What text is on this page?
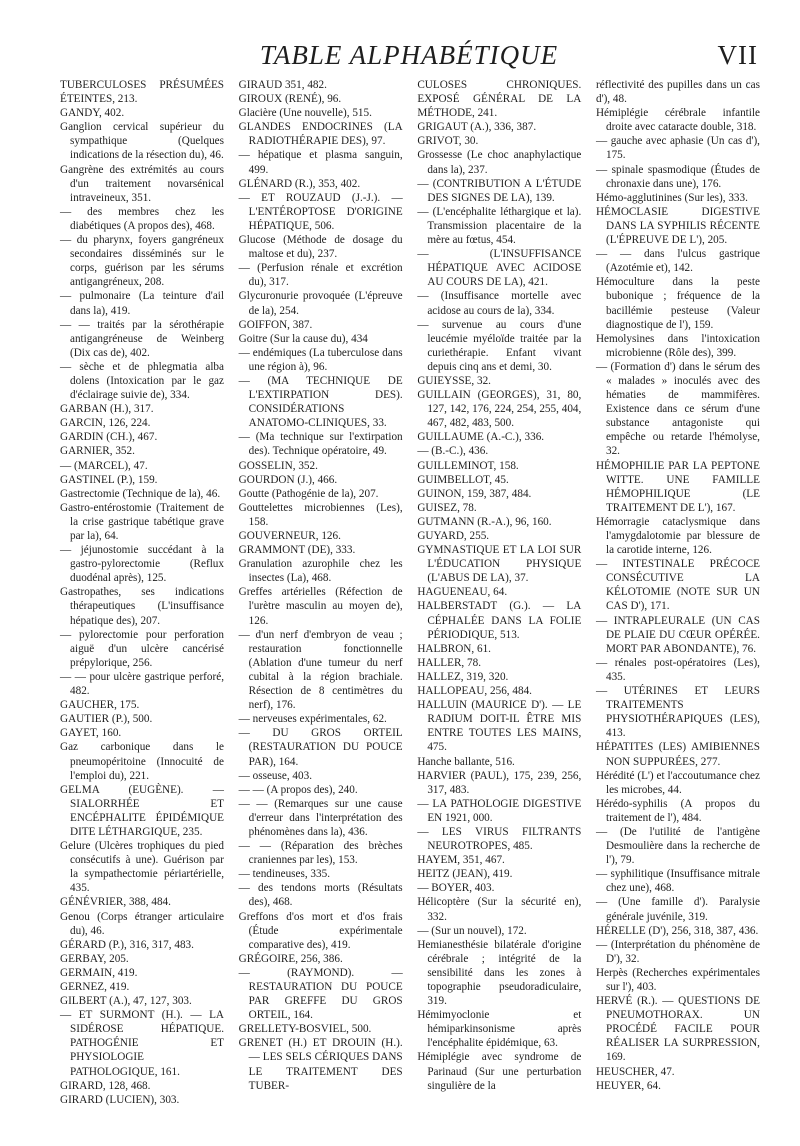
TABLE ALPHABÉTIQUE	VII

TUBERCULOSES PRÉSUMÉES ÉTEINTES, 213.

GANDY, 402.

Ganglion cervical supérieur du sympathique (Quelques indications de la résection du), 46.

Gangrène des extrémités au cours d'un traitement novarsénical intraveineux, 351.

— des membres chez les diabétiques (A propos des), 468.

— du pharynx, foyers gangréneux secondaires disséminés sur le corps, guérison par les sérums antigangréneux, 208.

— pulmonaire (La teinture d'ail dans la), 419.

— — traités par la sérothérapie antigangréneuse de Weinberg (Dix cas de), 402.

— sèche et de phlegmatia alba dolens (Intoxication par le gaz d'éclairage suivie de), 334.

GARBAN (H.), 317.

GARCIN, 126, 224.

GARDIN (CH.), 467.

GARNIER, 352.

— (MARCEL), 47.

GASTINEL (P.), 159.

Gastrectomie (Technique de la), 46.

Gastro-entérostomie (Traitement de la crise gastrique tabétique grave par la), 64.

— jéjunostomie succédant à la gastro-pylorectomie (Reflux duodénal après), 125.

Gastropathes, ses indications thérapeutiques (L'insuffisance hépatique des), 207.

— pylorectomie pour perforation aiguë d'un ulcère cancérisé prépylorique, 256.

— — pour ulcère gastrique perforé, 482.

GAUCHER, 175.

GAUTIER (P.), 500.

GAYET, 160.

Gaz carbonique dans le pneumopéritoine (Innocuité de l'emploi du), 221.

GELMA (EUGÈNE). — SIALORRHÉE ET ENCÉPHALITE ÉPIDÉMIQUE DITE LÉTHARGIQUE, 235.

Gelure (Ulcères trophiques du pied consécutifs à une). Guérison par la sympathectomie périartérielle, 435.

GÉNÉVRIER, 388, 484.

Genou (Corps étranger articulaire du), 46.

GÉRARD (P.), 316, 317, 483.

GERBAY, 205.

GERMAIN, 419.

GERNEZ, 419.

GILBERT (A.), 47, 127, 303.

— ET SURMONT (H.). — LA SIDÉROSE HÉPATIQUE. PATHOGÉNIE ET PHYSIOLOGIE PATHOLOGIQUE, 161.

GIRARD, 128, 468.

GIRARD (LUCIEN), 303.

GIRAUD 351, 482.

GIROUX (RENÉ), 96.

Glacière (Une nouvelle), 515.

GLANDES ENDOCRINES (LA RADIOTHÉRAPIE DES), 97.

— hépatique et plasma sanguin, 499.

GLÉNARD (R.), 353, 402.

— ET ROUZAUD (J.-J.). — L'ENTÉROPTOSE D'ORIGINE HÉPATIQUE, 506.

Glucose (Méthode de dosage du maltose et du), 237.

— (Perfusion rénale et excrétion du), 317.

Glycuronurie provoquée (L'épreuve de la), 254.

GOIFFON, 387.

Goitre (Sur la cause du), 434

— endémiques (La tuberculose dans une région à), 96.

— (MA TECHNIQUE DE L'EXTIRPATION DES). CONSIDÉRATIONS ANATOMO-CLINIQUES, 33.

— (Ma technique sur l'extirpation des). Technique opératoire, 49.

GOSSELIN, 352.

GOURDON (J.), 466.

Goutte (Pathogénie de la), 207.

Gouttelettes microbiennes (Les), 158.

GOUVERNEUR, 126.

GRAMMONT (DE), 333.

Granulation azurophile chez les insectes (La), 468.

Greffes artérielles (Réfection de l'urètre masculin au moyen de), 126.

— d'un nerf d'embryon de veau ; restauration fonctionnelle (Ablation d'une tumeur du nerf cubital à la région brachiale. Résection de 8 centimètres du nerf), 176.

— nerveuses expérimentales, 62.

— DU GROS ORTEIL (RESTAURATION DU POUCE PAR), 164.

— osseuse, 403.

— — (A propos des), 240.

— — (Remarques sur une cause d'erreur dans l'interprétation des phénomènes dans la), 436.

— — (Réparation des brèches craniennes par les), 153.

— tendineuses, 335.

— des tendons morts (Résultats des), 468.

Greffons d'os mort et d'os frais (Étude expérimentale comparative des), 419.

GRÉGOIRE, 256, 386.

— (RAYMOND). — RESTAURATION DU POUCE PAR GREFFE DU GROS ORTEIL, 164.

GRELLETY-BOSVIEL, 500.

GRENET (H.) ET DROUIN (H.). — LES SELS CÉRIQUES DANS LE TRAITEMENT DES TUBER-

CULOSES CHRONIQUES. EXPOSÉ GÉNÉRAL DE LA MÉTHODE, 241.

GRIGAUT (A.), 336, 387.

GRIVOT, 30.

Grossesse (Le choc anaphylactique dans la), 237.

— (CONTRIBUTION A L'ÉTUDE DES SIGNES DE LA), 139.

— (L'encéphalite léthargique et la). Transmission placentaire de la mère au fœtus, 454.

— (L'INSUFFISANCE HÉPATIQUE AVEC ACIDOSE AU COURS DE LA), 421.

— (Insuffisance mortelle avec acidose au cours de la), 334.

— survenue au cours d'une leucémie myéloïde traitée par la curiethérapie. Enfant vivant depuis cinq ans et demi, 30.

GUIEYSSE, 32.

GUILLAIN (GEORGES), 31, 80, 127, 142, 176, 224, 254, 255, 404, 467, 482, 483, 500.

GUILLAUME (A.-C.), 336.

— (B.-C.), 436.

GUILLEMINOT, 158.

GUIMBELLOT, 45.

GUINON, 159, 387, 484.

GUISEZ, 78.

GUTMANN (R.-A.), 96, 160.

GUYARD, 255.

GYMNASTIQUE ET LA LOI SUR L'ÉDUCATION PHYSIQUE (L'ABUS DE LA), 37.

HAGUENEAU, 64.

HALBERSTADT (G.). — LA CÉPHALÉE DANS LA FOLIE PÉRIODIQUE, 513.

HALBRON, 61.

HALLER, 78.

HALLEZ, 319, 320.

HALLOPEAU, 256, 484.

HALLUIN (MAURICE D'). — LE RADIUM DOIT-IL ÊTRE MIS ENTRE TOUTES LES MAINS, 475.

Hanche ballante, 516.

HARVIER (PAUL), 175, 239, 256, 317, 483.

— LA PATHOLOGIE DIGESTIVE EN 1921, 000.

— LES VIRUS FILTRANTS NEUROTROPES, 485.

HAYEM, 351, 467.

HEITZ (JEAN), 419.

— BOYER, 403.

Hélicoptère (Sur la sécurité en), 332.

— (Sur un nouvel), 172.

Hemianesthésie bilatérale d'origine cérébrale ; intégrité de la sensibilité dans les zones à topographie pseudoradiculaire, 319.

Hémimyoclonie et hémiparkinsonisme après l'encéphalite épidémique, 63.

Hémiplégie avec syndrome de Parinaud (Sur une perturbation singulière de la

réflectivité des pupilles dans un cas d'), 48.

Hémiplégie cérébrale infantile droite avec cataracte double, 318.

— gauche avec aphasie (Un cas d'), 175.

— spinale spasmodique (Études de chronaxie dans une), 176.

Hémo-agglutinines (Sur les), 333.

HÉMOCLASIE DIGESTIVE DANS LA SYPHILIS RÉCENTE (L'ÉPREUVE DE L'), 205.

— — dans l'ulcus gastrique (Azotémie et), 142.

Hémoculture dans la peste bubonique ; fréquence de la bacillémie pesteuse (Valeur diagnostique de l'), 159.

Hemolysines dans l'intoxication microbienne (Rôle des), 399.

— (Formation d') dans le sérum des « malades » inoculés avec des hématies de mammifères. Existence dans ce sérum d'une substance antagoniste qui empêche ou retarde l'hémolyse, 32.

HÉMOPHILIE PAR LA PEPTONE WITTE. UNE FAMILLE HÉMOPHILIQUE (LE TRAITEMENT DE L'), 167.

Hémorragie cataclysmique dans l'amygdalotomie par blessure de la carotide interne, 126.

— INTESTINALE PRÉCOCE CONSÉCUTIVE LA KÉLOTOMIE (NOTE SUR UN CAS D'), 171.

— INTRAPLEURALE (UN CAS DE PLAIE DU CŒUR OPÉRÉE. MORT PAR ABONDANTE), 76.

— rénales post-opératoires (Les), 435.

— UTÉRINES ET LEURS TRAITEMENTS PHYSIOTHÉRAPIQUES (LES), 413.

HÉPATITES (LES) AMIBIENNES NON SUPPURÉES, 277.

Hérédité (L') et l'accoutumance chez les microbes, 44.

Hérédo-syphilis (A propos du traitement de l'), 484.

— (De l'utilité de l'antigène Desmoulière dans la recherche de l'), 79.

— syphilitique (Insuffisance mitrale chez une), 468.

— (Une famille d'). Paralysie générale juvénile, 319.

HÉRELLE (D'), 256, 318, 387, 436.

— (Interprétation du phénomène de D'), 32.

Herpès (Recherches expérimentales sur l'), 403.

HERVÉ (R.). — QUESTIONS DE PNEUMOTHORAX. UN PROCÉDÉ FACILE POUR RÉALISER LA SURPRESSION, 169.

HEUSCHER, 47.

HEUYER, 64.
